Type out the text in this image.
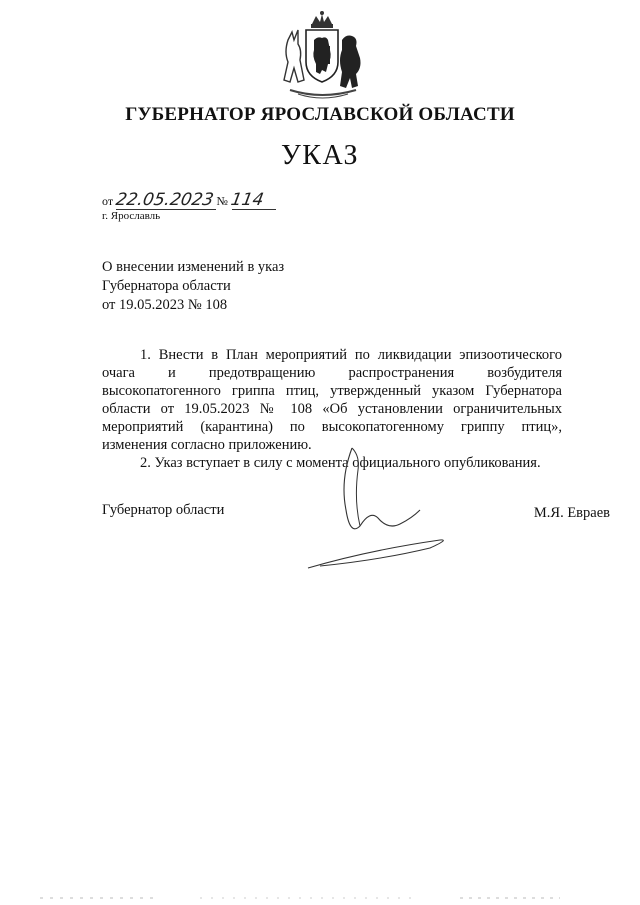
ГУБЕРНАТОР ЯРОСЛАВСКОЙ ОБЛАСТИ
УКАЗ
от 22.05.2023 № 114
г. Ярославль
О внесении изменений в указ
Губернатора области
от 19.05.2023 № 108

1. Внести в План мероприятий по ликвидации эпизоотического очага и предотвращению распространения возбудителя высокопатогенного гриппа птиц, утвержденный указом Губернатора области от 19.05.2023 № 108 «Об установлении ограничительных мероприятий (карантина) по высокопатогенному гриппу птиц», изменения согласно приложению.

2. Указ вступает в силу с момента официального опубликования.

Губернатор области	М.Я. Евраев
